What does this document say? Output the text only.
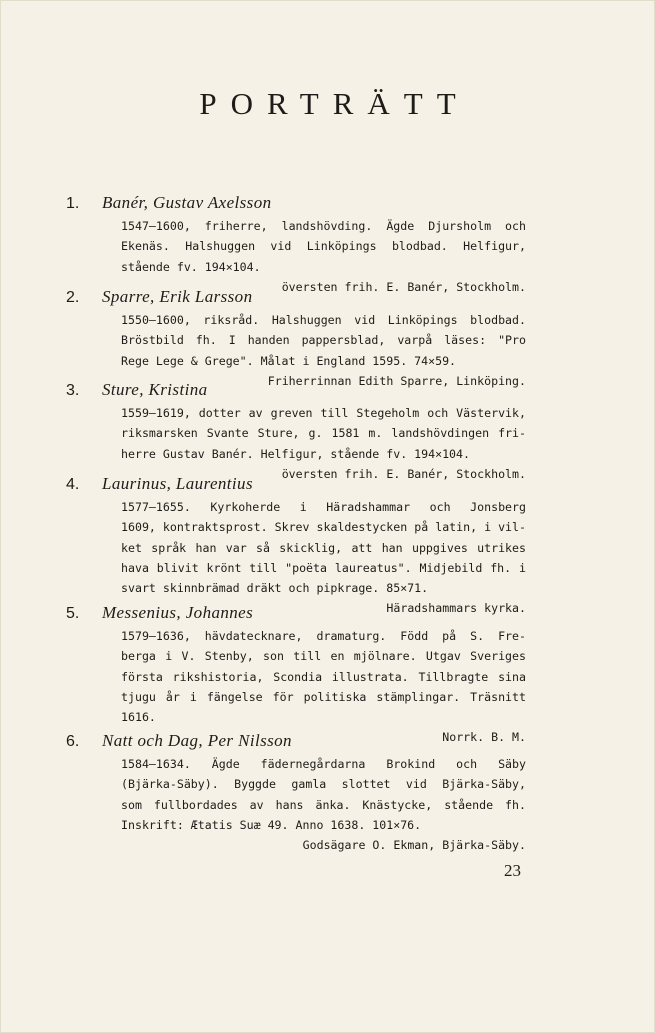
PORTRÄTT
1. Banér, Gustav Axelsson
1547—1600, friherre, landshövding. Ägde Djursholm och
Ekenäs. Halshuggen vid Linköpings blodbad. Helfigur,
stående fv. 194×104.
översten frih. E. Banér, Stockholm.
2. Sparre, Erik Larsson
1550—1600, riksråd. Halshuggen vid Linköpings blodbad.
Bröstbild fh. I handen pappersblad, varpå läses: "Pro
Rege Lege & Grege". Målat i England 1595. 74×59.
Friherrinnan Edith Sparre, Linköping.
3. Sture, Kristina
1559—1619, dotter av greven till Stegeholm och Västervik,
riksmarsken Svante Sture, g. 1581 m. landshövdingen fri-
herre Gustav Banér. Helfigur, stående fv. 194×104.
översten frih. E. Banér, Stockholm.
4. Laurinus, Laurentius
1577—1655. Kyrkoherde i Häradshammar och Jonsberg
1609, kontraktsprost. Skrev skaldestycken på latin, i vil-
ket språk han var så skicklig, att han uppgives utrikes
hava blivit krönt till "poëta laureatus". Midjebild fh. i
svart skinnbrämad dräkt och pipkrage. 85×71.
Häradshammars kyrka.
5. Messenius, Johannes
1579—1636, hävdatecknare, dramaturg. Född på S. Fre-
berga i V. Stenby, son till en mjölnare. Utgav Sveriges
första rikshistoria, Scondia illustrata. Tillbragte sina
tjugu år i fängelse för politiska stämplingar. Träsnitt
1616.
Norrk. B. M.
6. Natt och Dag, Per Nilsson
1584—1634. Ägde fädernegårdarna Brokind och Säby
(Bjärka-Säby). Byggde gamla slottet vid Bjärka-Säby,
som fullbordades av hans änka. Knästycke, stående fh.
Inskrift: Ætatis Suæ 49. Anno 1638. 101×76.
Godsägare O. Ekman, Bjärka-Säby.
23
